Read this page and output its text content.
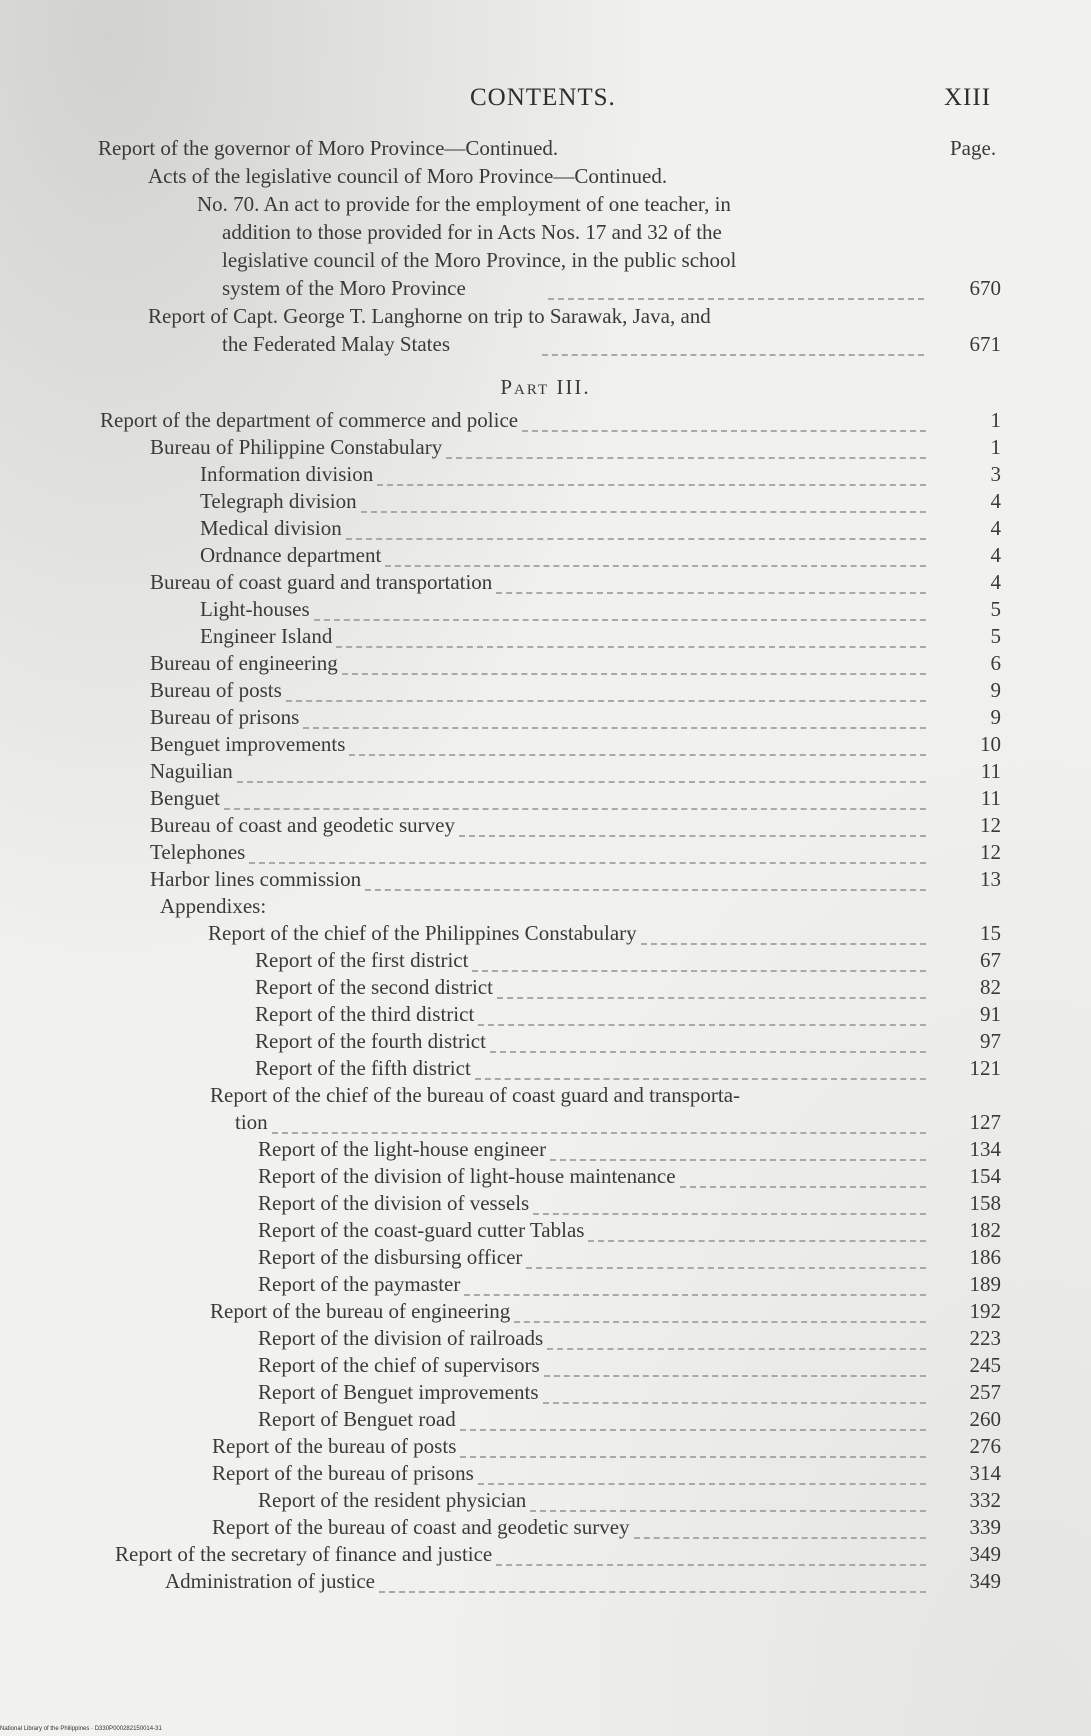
CONTENTS.	XIII
Report of the governor of Moro Province—Continued.	Page.
Acts of the legislative council of Moro Province—Continued.
No. 70. An act to provide for the employment of one teacher, in
addition to those provided for in Acts Nos. 17 and 32 of the
legislative council of the Moro Province, in the public school
system of the Moro Province	670
Report of Capt. George T. Langhorne on trip to Sarawak, Java, and
the Federated Malay States	671
Part III.
Report of the department of commerce and police	1
Bureau of Philippine Constabulary	1
Information division	3
Telegraph division	4
Medical division	4
Ordnance department	4
Bureau of coast guard and transportation	4
Light-houses	5
Engineer Island	5
Bureau of engineering	6
Bureau of posts	9
Bureau of prisons	9
Benguet improvements	10
Naguilian	11
Benguet	11
Bureau of coast and geodetic survey	12
Telephones	12
Harbor lines commission	13
Appendixes:
Report of the chief of the Philippines Constabulary	15
Report of the first district	67
Report of the second district	82
Report of the third district	91
Report of the fourth district	97
Report of the fifth district	121
Report of the chief of the bureau of coast guard and transporta-
tion	127
Report of the light-house engineer	134
Report of the division of light-house maintenance	154
Report of the division of vessels	158
Report of the coast-guard cutter Tablas	182
Report of the disbursing officer	186
Report of the paymaster	189
Report of the bureau of engineering	192
Report of the division of railroads	223
Report of the chief of supervisors	245
Report of Benguet improvements	257
Report of Benguet road	260
Report of the bureau of posts	276
Report of the bureau of prisons	314
Report of the resident physician	332
Report of the bureau of coast and geodetic survey	339
Report of the secretary of finance and justice	349
Administration of justice	349
National Library of the Philippines · D330P000282150014-31
